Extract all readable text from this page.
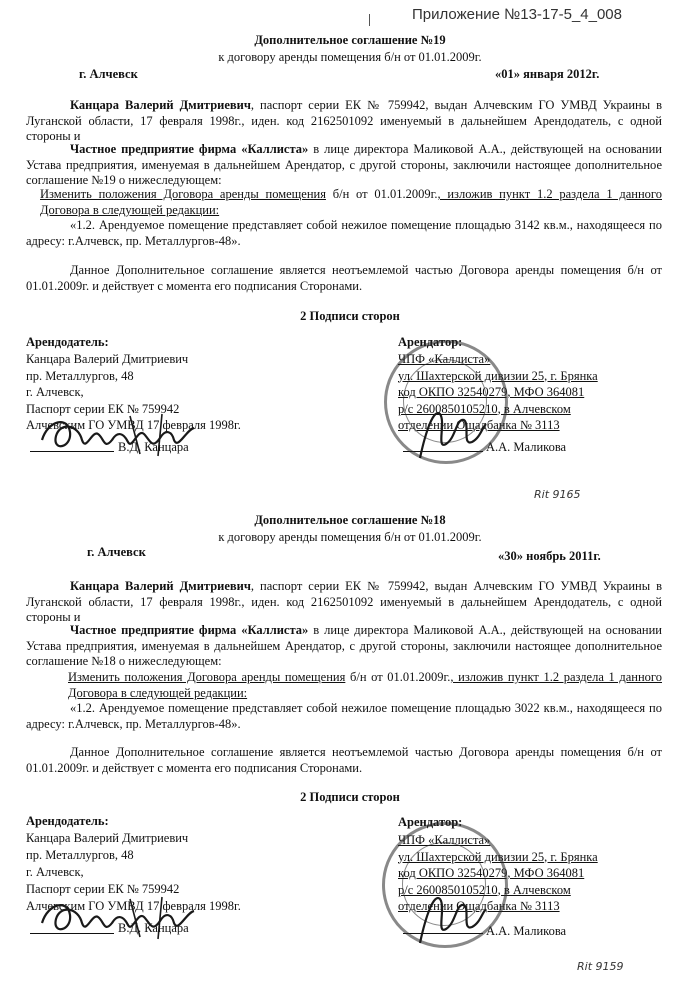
Приложение №13-17-5_4_008
Дополнительное соглашение №19
к договору аренды помещения б/н от 01.01.2009г.
г. Алчевск	«01» января 2012г.
Канцара Валерий Дмитриевич, паспорт серии ЕК № 759942, выдан Алчевским ГО УМВД Украины в Луганской области, 17 февраля 1998г., иден. код 2162501092 именуемый в дальнейшем Арендодатель, с одной стороны и
Частное предприятие фирма «Каллиста» в лице директора Маликовой А.А., действующей на основании Устава предприятия, именуемая в дальнейшем Арендатор, с другой стороны, заключили настоящее дополнительное соглашение №19 о нижеследующем:
Изменить положения Договора аренды помещения б/н от 01.01.2009г., изложив пункт 1.2 раздела 1 данного Договора в следующей редакции:
«1.2. Арендуемое помещение представляет собой нежилое помещение площадью 3142 кв.м., находящееся по адресу: г.Алчевск, пр. Металлургов-48».
Данное Дополнительное соглашение является неотъемлемой частью Договора аренды помещения б/н от 01.01.2009г. и действует с момента его подписания Сторонами.
2 Подписи сторон
Арендодатель:
Канцара Валерий Дмитриевич
пр. Металлургов, 48
г. Алчевск,
Паспорт серии ЕК № 759942
Алчевским ГО УМВД 17 февраля 1998г.
В.Д. Канцара
Арендатор:
ЧПФ «Каллиста»
ул. Шахтерской дивизии 25, г. Брянка
код ОКПО 32540279, МФО 364081
р/с 2600850105210, в Алчевском
отделении Ощадбанка № 3113
А.А. Маликова
Rit 9165
Дополнительное соглашение №18
к договору аренды помещения б/н от 01.01.2009г.
г. Алчевск	«30» ноябрь 2011г.
Канцара Валерий Дмитриевич, паспорт серии ЕК № 759942, выдан Алчевским ГО УМВД Украины в Луганской области, 17 февраля 1998г., иден. код 2162501092 именуемый в дальнейшем Арендодатель, с одной стороны и
Частное предприятие фирма «Каллиста» в лице директора Маликовой А.А., действующей на основании Устава предприятия, именуемая в дальнейшем Арендатор, с другой стороны, заключили настоящее дополнительное соглашение №18 о нижеследующем:
Изменить положения Договора аренды помещения б/н от 01.01.2009г., изложив пункт 1.2 раздела 1 данного Договора в следующей редакции:
«1.2. Арендуемое помещение представляет собой нежилое помещение площадью 3022 кв.м., находящееся по адресу: г.Алчевск, пр. Металлургов-48».
Данное Дополнительное соглашение является неотъемлемой частью Договора аренды помещения б/н от 01.01.2009г. и действует с момента его подписания Сторонами.
2 Подписи сторон
Арендодатель:
Канцара Валерий Дмитриевич
пр. Металлургов, 48
г. Алчевск,
Паспорт серии ЕК № 759942
Алчевским ГО УМВД 17 февраля 1998г.
В.Д. Канцара
Арендатор:
ЧПФ «Каллиста»
ул. Шахтерской дивизии 25, г. Брянка
код ОКПО 32540279, МФО 364081
р/с 2600850105210, в Алчевском
отделении Ощадбанка № 3113
А.А. Маликова
Rit 9159
